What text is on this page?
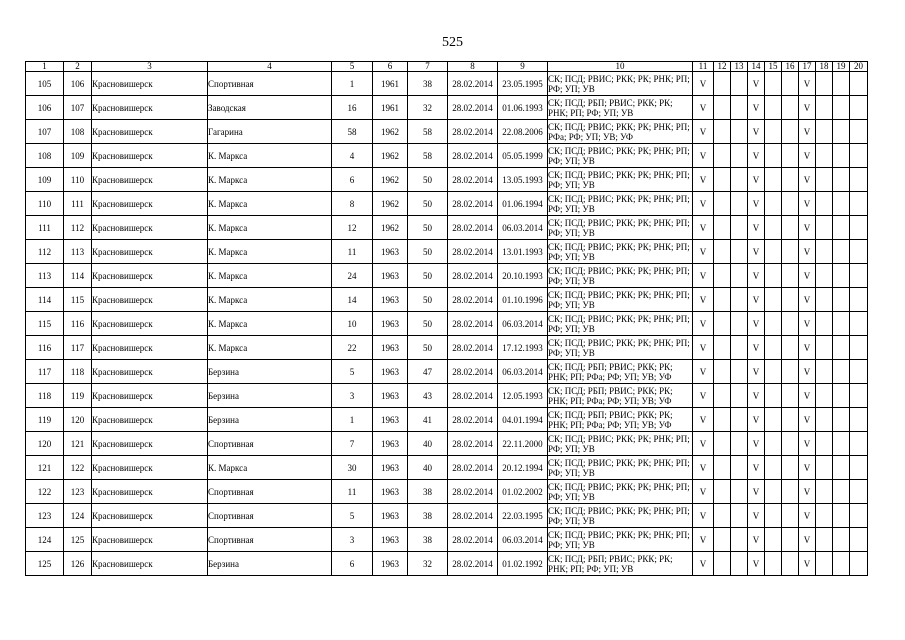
525
1	2	3	4	5	6	7	8	9	10	11	12	13	14	15	16	17	18	19	20
105	106	Красновишерск	Спортивная	1	1961	38	28.02.2014	23.05.1995	СК; ПСД; РВИС; РКК; РК; РНК; РП; РФ; УП; УВ	V			V			V			
106	107	Красновишерск	Заводская	16	1961	32	28.02.2014	01.06.1993	СК; ПСД; РБП; РВИС; РКК; РК; РНК; РП; РФ; УП; УВ	V			V			V			
107	108	Красновишерск	Гагарина	58	1962	58	28.02.2014	22.08.2006	СК; ПСД; РВИС; РКК; РК; РНК; РП; РФа; РФ; УП; УВ; УФ	V			V			V			
108	109	Красновишерск	К. Маркса	4	1962	58	28.02.2014	05.05.1999	СК; ПСД; РВИС; РКК; РК; РНК; РП; РФ; УП; УВ	V			V			V			
109	110	Красновишерск	К. Маркса	6	1962	50	28.02.2014	13.05.1993	СК; ПСД; РВИС; РКК; РК; РНК; РП; РФ; УП; УВ	V			V			V			
110	111	Красновишерск	К. Маркса	8	1962	50	28.02.2014	01.06.1994	СК; ПСД; РВИС; РКК; РК; РНК; РП; РФ; УП; УВ	V			V			V			
111	112	Красновишерск	К. Маркса	12	1962	50	28.02.2014	06.03.2014	СК; ПСД; РВИС; РКК; РК; РНК; РП; РФ; УП; УВ	V			V			V			
112	113	Красновишерск	К. Маркса	11	1963	50	28.02.2014	13.01.1993	СК; ПСД; РВИС; РКК; РК; РНК; РП; РФ; УП; УВ	V			V			V			
113	114	Красновишерск	К. Маркса	24	1963	50	28.02.2014	20.10.1993	СК; ПСД; РВИС; РКК; РК; РНК; РП; РФ; УП; УВ	V			V			V			
114	115	Красновишерск	К. Маркса	14	1963	50	28.02.2014	01.10.1996	СК; ПСД; РВИС; РКК; РК; РНК; РП; РФ; УП; УВ	V			V			V			
115	116	Красновишерск	К. Маркса	10	1963	50	28.02.2014	06.03.2014	СК; ПСД; РВИС; РКК; РК; РНК; РП; РФ; УП; УВ	V			V			V			
116	117	Красновишерск	К. Маркса	22	1963	50	28.02.2014	17.12.1993	СК; ПСД; РВИС; РКК; РК; РНК; РП; РФ; УП; УВ	V			V			V			
117	118	Красновишерск	Берзина	5	1963	47	28.02.2014	06.03.2014	СК; ПСД; РБП; РВИС; РКК; РК; РНК; РП; РФа; РФ; УП; УВ; УФ	V			V			V			
118	119	Красновишерск	Берзина	3	1963	43	28.02.2014	12.05.1993	СК; ПСД; РБП; РВИС; РКК; РК; РНК; РП; РФа; РФ; УП; УВ; УФ	V			V			V			
119	120	Красновишерск	Берзина	1	1963	41	28.02.2014	04.01.1994	СК; ПСД; РБП; РВИС; РКК; РК; РНК; РП; РФа; РФ; УП; УВ; УФ	V			V			V			
120	121	Красновишерск	Спортивная	7	1963	40	28.02.2014	22.11.2000	СК; ПСД; РВИС; РКК; РК; РНК; РП; РФ; УП; УВ	V			V			V			
121	122	Красновишерск	К. Маркса	30	1963	40	28.02.2014	20.12.1994	СК; ПСД; РВИС; РКК; РК; РНК; РП; РФ; УП; УВ	V			V			V			
122	123	Красновишерск	Спортивная	11	1963	38	28.02.2014	01.02.2002	СК; ПСД; РВИС; РКК; РК; РНК; РП; РФ; УП; УВ	V			V			V			
123	124	Красновишерск	Спортивная	5	1963	38	28.02.2014	22.03.1995	СК; ПСД; РВИС; РКК; РК; РНК; РП; РФ; УП; УВ	V			V			V			
124	125	Красновишерск	Спортивная	3	1963	38	28.02.2014	06.03.2014	СК; ПСД; РВИС; РКК; РК; РНК; РП; РФ; УП; УВ	V			V			V			
125	126	Красновишерск	Берзина	6	1963	32	28.02.2014	01.02.1992	СК; ПСД; РБП; РВИС; РКК; РК; РНК; РП; РФ; УП; УВ	V			V			V			
